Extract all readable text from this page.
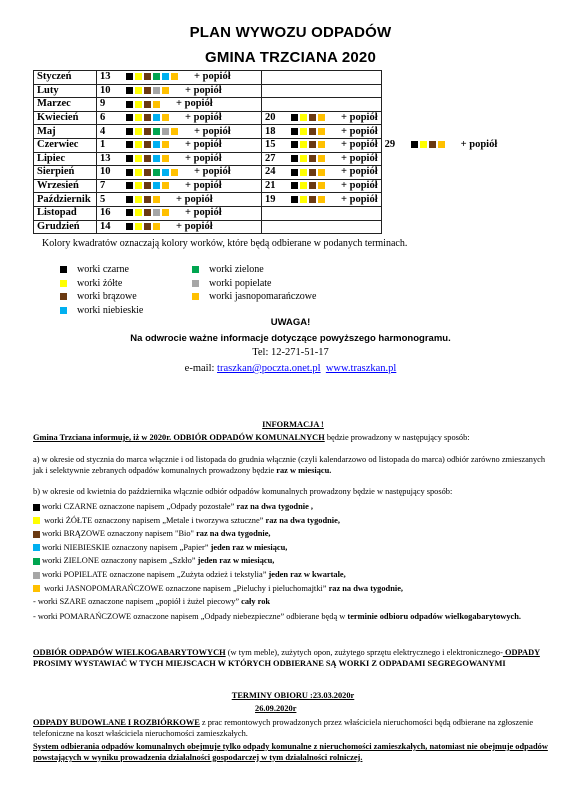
PLAN WYWOZU ODPADÓW
GMINA TRZCIANA 2020
Styczeń	13 + popiół		
Luty	10 + popiół		
Marzec	9 + popiół		
Kwiecień	6 + popiół	20 + popiół	
Maj	4 + popiół	18 + popiół	
Czerwiec	1 + popiół	15 + popiół	29 + popiół
Lipiec	13 + popiół	27 + popiół	
Sierpień	10 + popiół	24 + popiół	
Wrzesień	7 + popiół	21 + popiół	
Październik	5 + popiół	19 + popiół	
Listopad	16 + popiół		
Grudzień	14 + popiół		
Kolory kwadratów oznaczają kolory worków, które będą odbierane w podanych terminach.
worki czarne
worki żółte
worki brązowe
worki niebieskie
worki zielone
worki popielate
worki jasnopomarańczowe
UWAGA!
Na odwrocie ważne informacje dotyczące powyższego harmonogramu.
Tel: 12-271-51-17
e-mail: traszkan@poczta.onet.pl www.traszkan.pl
INFORMACJA !
Gmina Trzciana informuje, iż w 2020r. ODBIÓR ODPADÓW KOMUNALNYCH będzie prowadzony w następujący sposób:
a) w okresie od stycznia do marca włącznie i od listopada do grudnia włącznie (czyli kalendarzowo od listopada do marca) odbiór zarówno zmieszanych jak i selektywnie zebranych odpadów komunalnych prowadzony będzie raz w miesiącu.
b) w okresie od kwietnia do października włącznie odbiór odpadów komunalnych prowadzony będzie w następujący sposób:
worki CZARNE oznaczone napisem „Odpady pozostałe” raz na dwa tygodnie ,
worki ŻÓŁTE oznaczony napisem „Metale i tworzywa sztuczne” raz na dwa tygodnie,
worki BRĄZOWE oznaczony napisem "Bio" raz na dwa tygodnie,
worki NIEBIESKIE oznaczony napisem „Papier” jeden raz w miesiącu,
worki ZIELONE oznaczony napisem „Szkło” jeden raz w miesiącu,
worki POPIELATE oznaczone napisem „Zużyta odzież i tekstylia” jeden raz w kwartale,
worki JASNOPOMARAŃCZOWE oznaczone napisem „Pieluchy i pieluchomajtki” raz na dwa tygodnie,
- worki SZARE oznaczone napisem „popiół i żużel piecowy” cały rok
- worki POMARAŃCZOWE oznaczone napisem „Odpady niebezpieczne” odbierane będą w terminie odbioru odpadów wielkogabarytowych.
ODBIÓR ODPADÓW WIELKOGABARYTOWYCH (w tym meble), zużytych opon, zużytego sprzętu elektrycznego i elektronicznego- ODPADY PROSIMY WYSTAWIAĆ W TYCH MIEJSCACH W KTÓRYCH ODBIERANE SĄ WORKI Z ODPADAMI SEGREGOWANYMI
TERMINY OBIORU :23.03.2020r
26.09.2020r
ODPADY BUDOWLANE I ROZBIÓRKOWE z prac remontowych prowadzonych przez właściciela nieruchomości będą odbierane na zgłoszenie telefoniczne na koszt właściciela nieruchomości zamieszkałych.
System odbierania odpadów komunalnych obejmuje tylko odpady komunalne z nieruchomości zamieszkałych, natomiast nie obejmuje odpadów powstających w wyniku prowadzenia działalności gospodarczej w tym działalności rolniczej.
